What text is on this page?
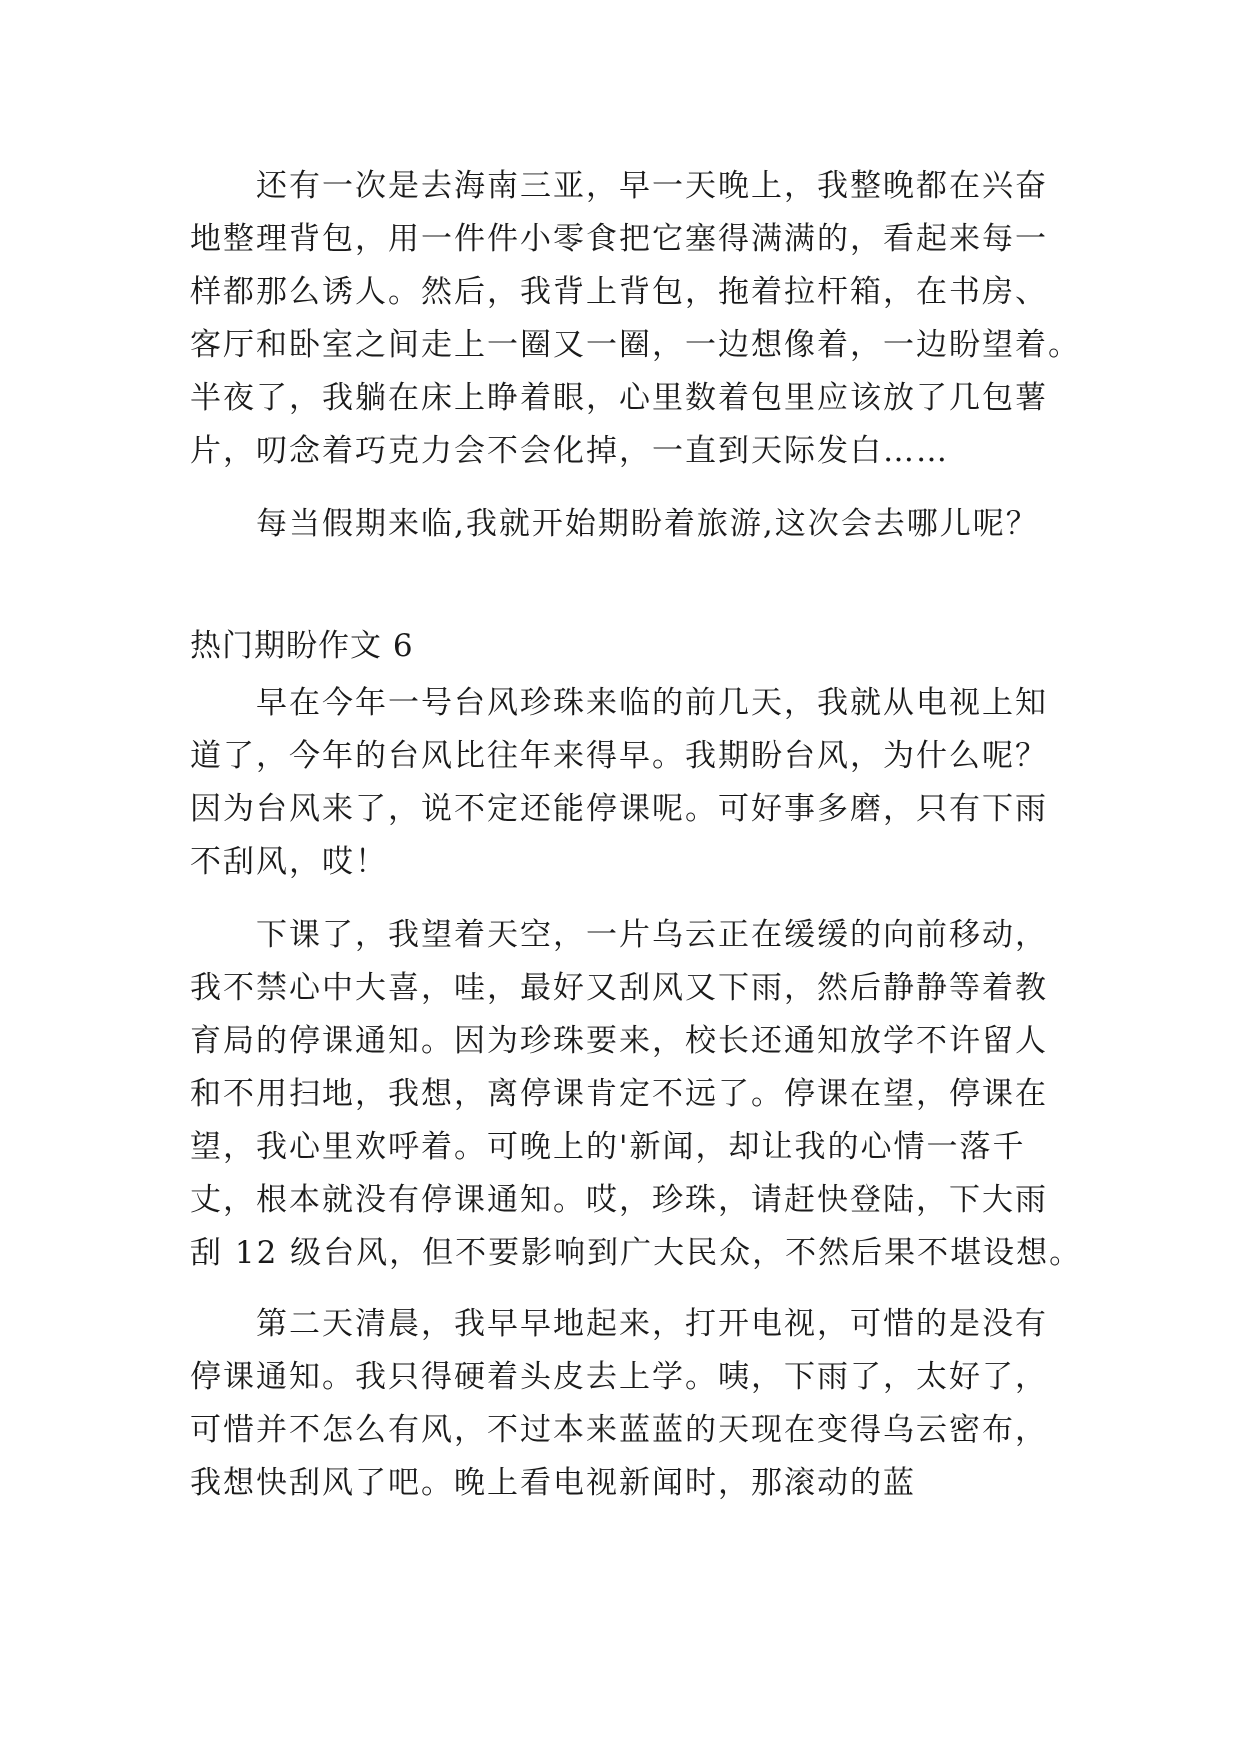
　　还有一次是去海南三亚，早一天晚上，我整晚都在兴奋

地整理背包，用一件件小零食把它塞得满满的，看起来每一

样都那么诱人。然后，我背上背包，拖着拉杆箱，在书房、

客厅和卧室之间走上一圈又一圈，一边想像着，一边盼望着。

半夜了，我躺在床上睁着眼，心里数着包里应该放了几包薯

片，叨念着巧克力会不会化掉，一直到天际发白……

　　每当假期来临,我就开始期盼着旅游,这次会去哪儿呢？

热门期盼作文 6

　　早在今年一号台风珍珠来临的前几天，我就从电视上知

道了，今年的台风比往年来得早。我期盼台风，为什么呢？

因为台风来了，说不定还能停课呢。可好事多磨，只有下雨

不刮风，哎！

　　下课了，我望着天空，一片乌云正在缓缓的向前移动，

我不禁心中大喜，哇，最好又刮风又下雨，然后静静等着教

育局的停课通知。因为珍珠要来，校长还通知放学不许留人

和不用扫地，我想，离停课肯定不远了。停课在望，停课在

望，我心里欢呼着。可晚上的'新闻，却让我的心情一落千

丈，根本就没有停课通知。哎，珍珠，请赶快登陆，下大雨

刮 12 级台风，但不要影响到广大民众，不然后果不堪设想。

　　第二天清晨，我早早地起来，打开电视，可惜的是没有

停课通知。我只得硬着头皮去上学。咦，下雨了，太好了，

可惜并不怎么有风，不过本来蓝蓝的天现在变得乌云密布，

我想快刮风了吧。晚上看电视新闻时，那滚动的蓝
